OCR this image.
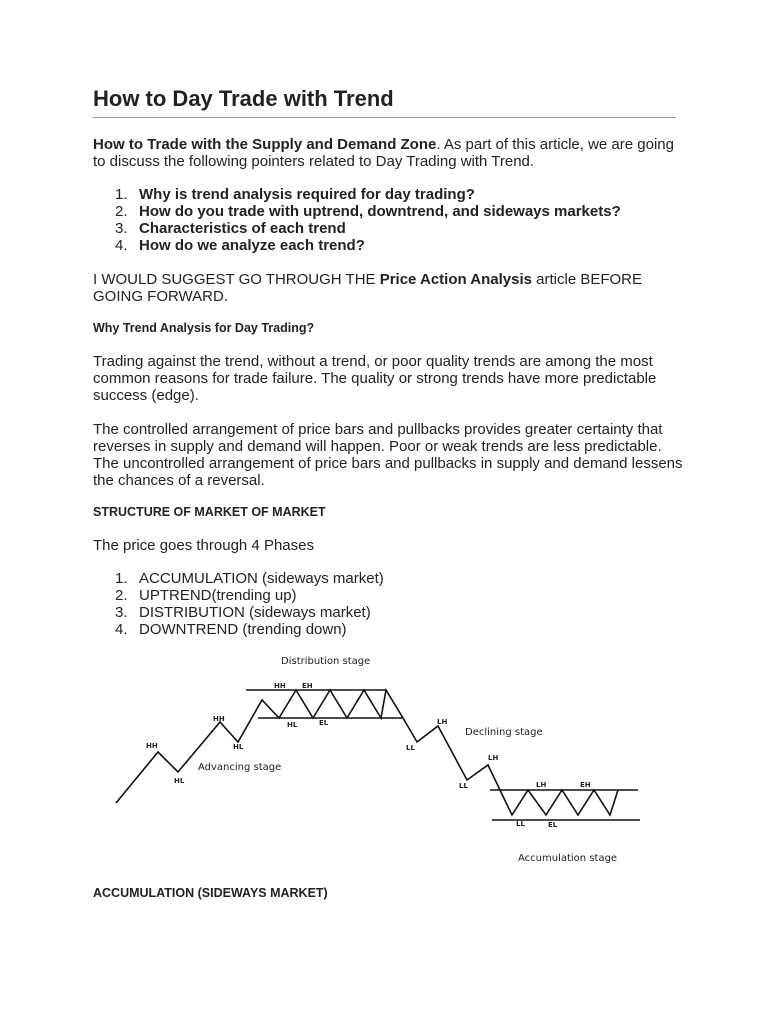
How to Day Trade with Trend

How to Trade with the Supply and Demand Zone. As part of this article, we are going to discuss the following pointers related to Day Trading with Trend.

1. Why is trend analysis required for day trading?
2. How do you trade with uptrend, downtrend, and sideways markets?
3. Characteristics of each trend
4. How do we analyze each trend?

I WOULD SUGGEST GO THROUGH THE Price Action Analysis article BEFORE GOING FORWARD.

Why Trend Analysis for Day Trading?

Trading against the trend, without a trend, or poor quality trends are among the most common reasons for trade failure. The quality or strong trends have more predictable success (edge).

The controlled arrangement of price bars and pullbacks provides greater certainty that reverses in supply and demand will happen. Poor or weak trends are less predictable. The uncontrolled arrangement of price bars and pullbacks in supply and demand lessens the chances of a reversal.

STRUCTURE OF MARKET OF MARKET

The price goes through 4 Phases

1. ACCUMULATION (sideways market)
2. UPTREND(trending up)
3. DISTRIBUTION (sideways market)
4. DOWNTREND (trending down)
ACCUMULATION (SIDEWAYS MARKET)
Distribution stage
Advancing stage
Declining stage
Accumulation stage
HH
HL
HH
HL
HH EH
HL	EL
LL
LH
LL
LH
LH	EH
LL	EL
